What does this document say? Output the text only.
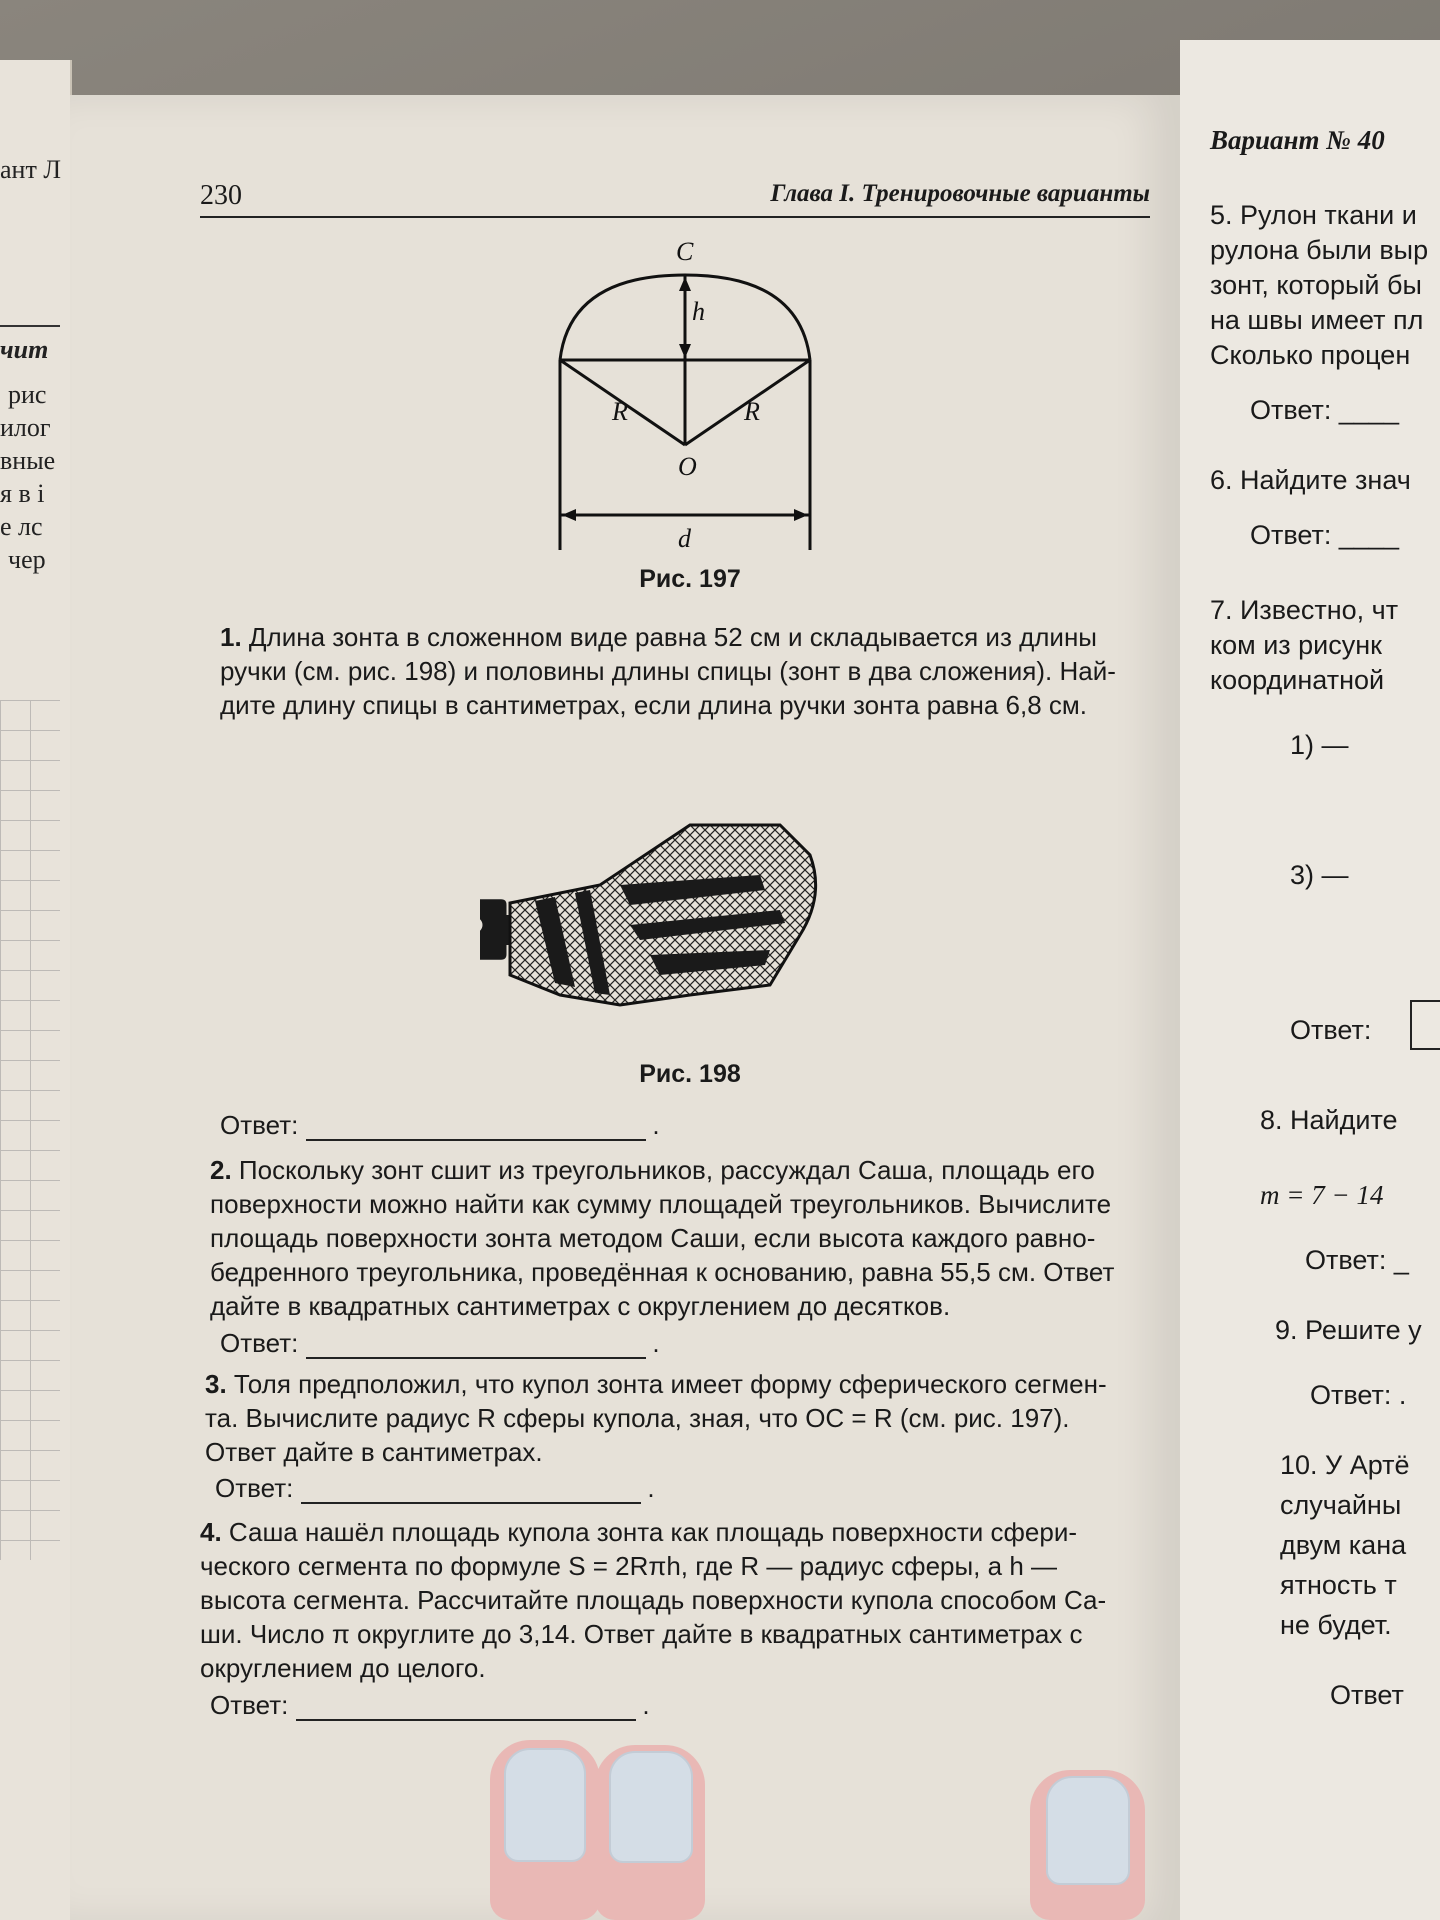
ант Л
чит
рис
илог
вные
я в і
е лс
чер
230	Глава I. Тренировочные варианты
C
h
R	R
O
d
Рис. 197
1. Длина зонта в сложенном виде равна 52 см и складывается из длины
ручки (см. рис. 198) и половины длины спицы (зонт в два сложения). Най-
дите длину спицы в сантиметрах, если длина ручки зонта равна 6,8 см.
Рис. 198
Ответ:	.
2. Поскольку зонт сшит из треугольников, рассуждал Саша, площадь его
поверхности можно найти как сумму площадей треугольников. Вычислите
площадь поверхности зонта методом Саши, если высота каждого равно-
бедренного треугольника, проведённая к основанию, равна 55,5 см. Ответ
дайте в квадратных сантиметрах с округлением до десятков.
Ответ:	.
3. Толя предположил, что купол зонта имеет форму сферического сегмен-
та. Вычислите радиус R сферы купола, зная, что OC = R (см. рис. 197).
Ответ дайте в сантиметрах.
Ответ:	.
4. Саша нашёл площадь купола зонта как площадь поверхности сфери-
ческого сегмента по формуле S = 2Rπh, где R — радиус сферы, а h —
высота сегмента. Рассчитайте площадь поверхности купола способом Са-
ши. Число π округлите до 3,14. Ответ дайте в квадратных сантиметрах с
округлением до целого.
Ответ:	.
Вариант № 40
5. Рулон ткани и
рулона были выр
зонт, который бы
на швы имеет пл
Сколько процен
Ответ: ____
6. Найдите знач
Ответ: ____
7. Известно, чт
ком из рисунк
координатной
1) —
3) —
Ответ:
8. Найдите
m = 7 − 14
Ответ: _
9. Решите у
Ответ: .
10. У Артё
случайны
двум кана
ятность т
не будет.
Ответ
